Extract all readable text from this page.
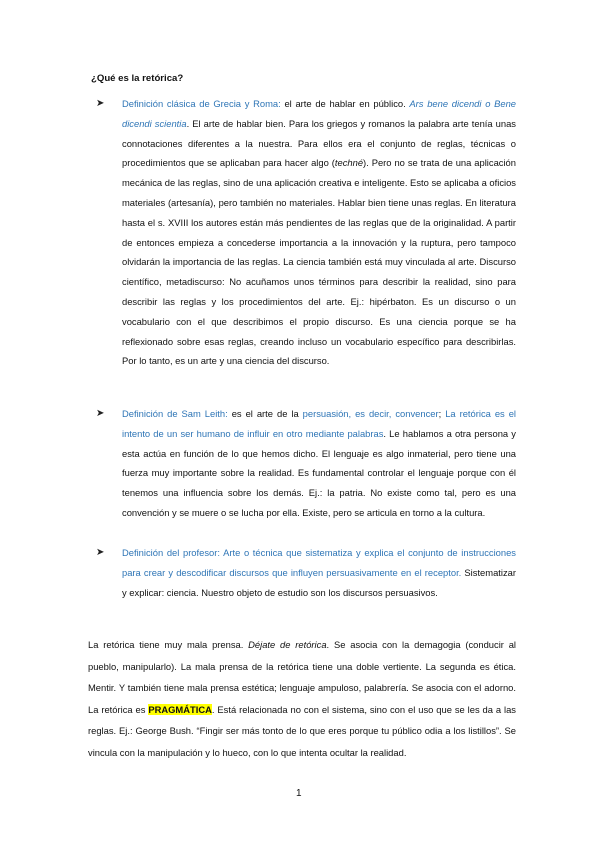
¿Qué es la retórica?
➤ Definición clásica de Grecia y Roma: el arte de hablar en público. Ars bene dicendi o Bene dicendi scientia. El arte de hablar bien. Para los griegos y romanos la palabra arte tenía unas connotaciones diferentes a la nuestra. Para ellos era el conjunto de reglas, técnicas o procedimientos que se aplicaban para hacer algo (techné). Pero no se trata de una aplicación mecánica de las reglas, sino de una aplicación creativa e inteligente. Esto se aplicaba a oficios materiales (artesanía), pero también no materiales. Hablar bien tiene unas reglas. En literatura hasta el s. XVIII los autores están más pendientes de las reglas que de la originalidad. A partir de entonces empieza a concederse importancia a la innovación y la ruptura, pero tampoco olvidarán la importancia de las reglas. La ciencia también está muy vinculada al arte. Discurso científico, metadiscurso: No acuñamos unos términos para describir la realidad, sino para describir las reglas y los procedimientos del arte. Ej.: hipérbaton. Es un discurso o un vocabulario con el que describimos el propio discurso. Es una ciencia porque se ha reflexionado sobre esas reglas, creando incluso un vocabulario específico para describirlas. Por lo tanto, es un arte y una ciencia del discurso.
➤ Definición de Sam Leith: es el arte de la persuasión, es decir, convencer; La retórica es el intento de un ser humano de influir en otro mediante palabras. Le hablamos a otra persona y esta actúa en función de lo que hemos dicho. El lenguaje es algo inmaterial, pero tiene una fuerza muy importante sobre la realidad. Es fundamental controlar el lenguaje porque con él tenemos una influencia sobre los demás. Ej.: la patria. No existe como tal, pero es una convención y se muere o se lucha por ella. Existe, pero se articula en torno a la cultura.
➤ Definición del profesor: Arte o técnica que sistematiza y explica el conjunto de instrucciones para crear y descodificar discursos que influyen persuasivamente en el receptor. Sistematizar y explicar: ciencia. Nuestro objeto de estudio son los discursos persuasivos.
La retórica tiene muy mala prensa. Déjate de retórica. Se asocia con la demagogia (conducir al pueblo, manipularlo). La mala prensa de la retórica tiene una doble vertiente. La segunda es ética. Mentir. Y también tiene mala prensa estética; lenguaje ampuloso, palabrería. Se asocia con el adorno. La retórica es PRAGMÁTICA. Está relacionada no con el sistema, sino con el uso que se les da a las reglas. Ej.: George Bush. “Fingir ser más tonto de lo que eres porque tu público odia a los listillos”. Se vincula con la manipulación y lo hueco, con lo que intenta ocultar la realidad.
1
